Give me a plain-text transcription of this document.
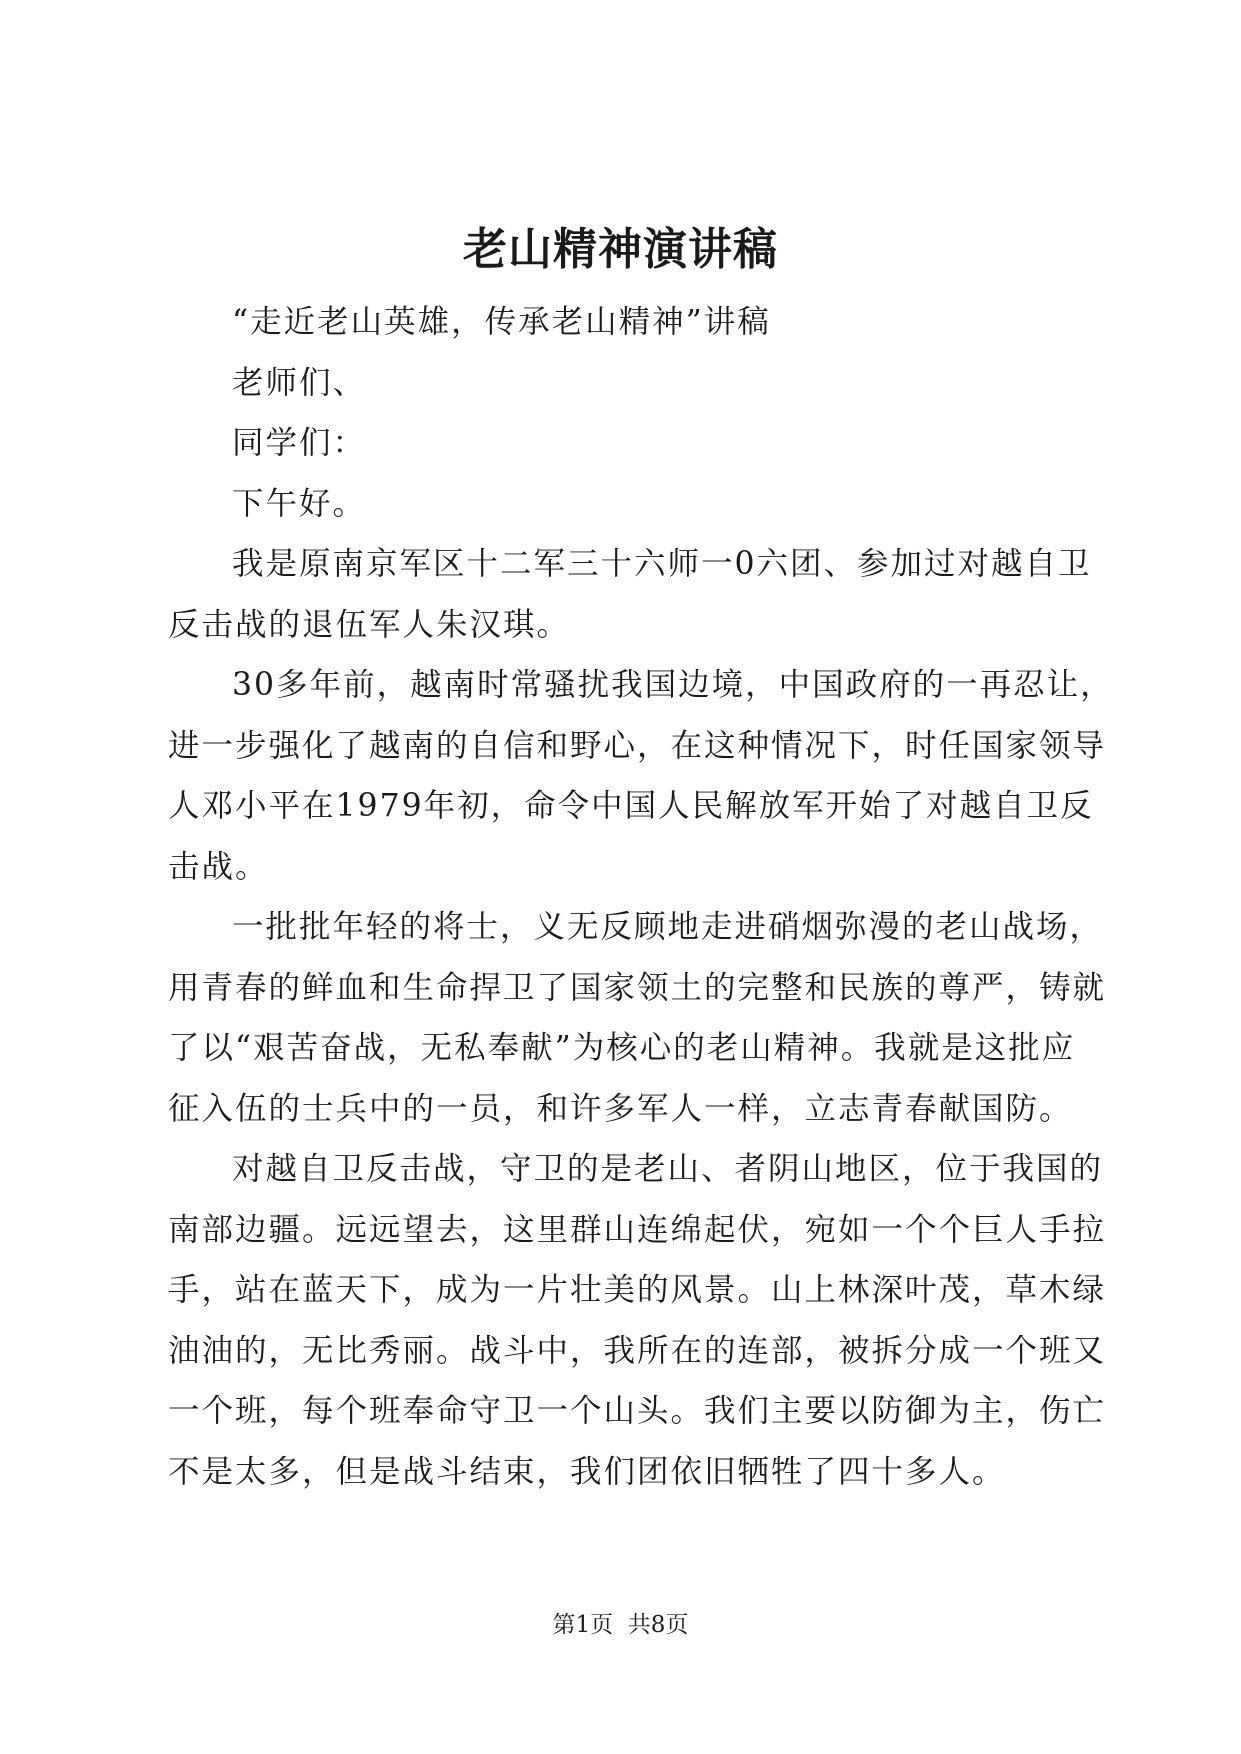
老山精神演讲稿
“走近老山英雄，传承老山精神”讲稿
老师们、
同学们：
下午好。
我是原南京军区十二军三十六师一0六团、参加过对越自卫
反击战的退伍军人朱汉琪。
30多年前，越南时常骚扰我国边境，中国政府的一再忍让，
进一步强化了越南的自信和野心，在这种情况下，时任国家领导
人邓小平在1979年初，命令中国人民解放军开始了对越自卫反
击战。
一批批年轻的将士，义无反顾地走进硝烟弥漫的老山战场，
用青春的鲜血和生命捍卫了国家领土的完整和民族的尊严，铸就
了以“艰苦奋战，无私奉献”为核心的老山精神。我就是这批应
征入伍的士兵中的一员，和许多军人一样，立志青春献国防。
对越自卫反击战，守卫的是老山、者阴山地区，位于我国的
南部边疆。远远望去，这里群山连绵起伏，宛如一个个巨人手拉
手，站在蓝天下，成为一片壮美的风景。山上林深叶茂，草木绿
油油的，无比秀丽。战斗中，我所在的连部，被拆分成一个班又
一个班，每个班奉命守卫一个山头。我们主要以防御为主，伤亡
不是太多，但是战斗结束，我们团依旧牺牲了四十多人。
第1页  共8页
